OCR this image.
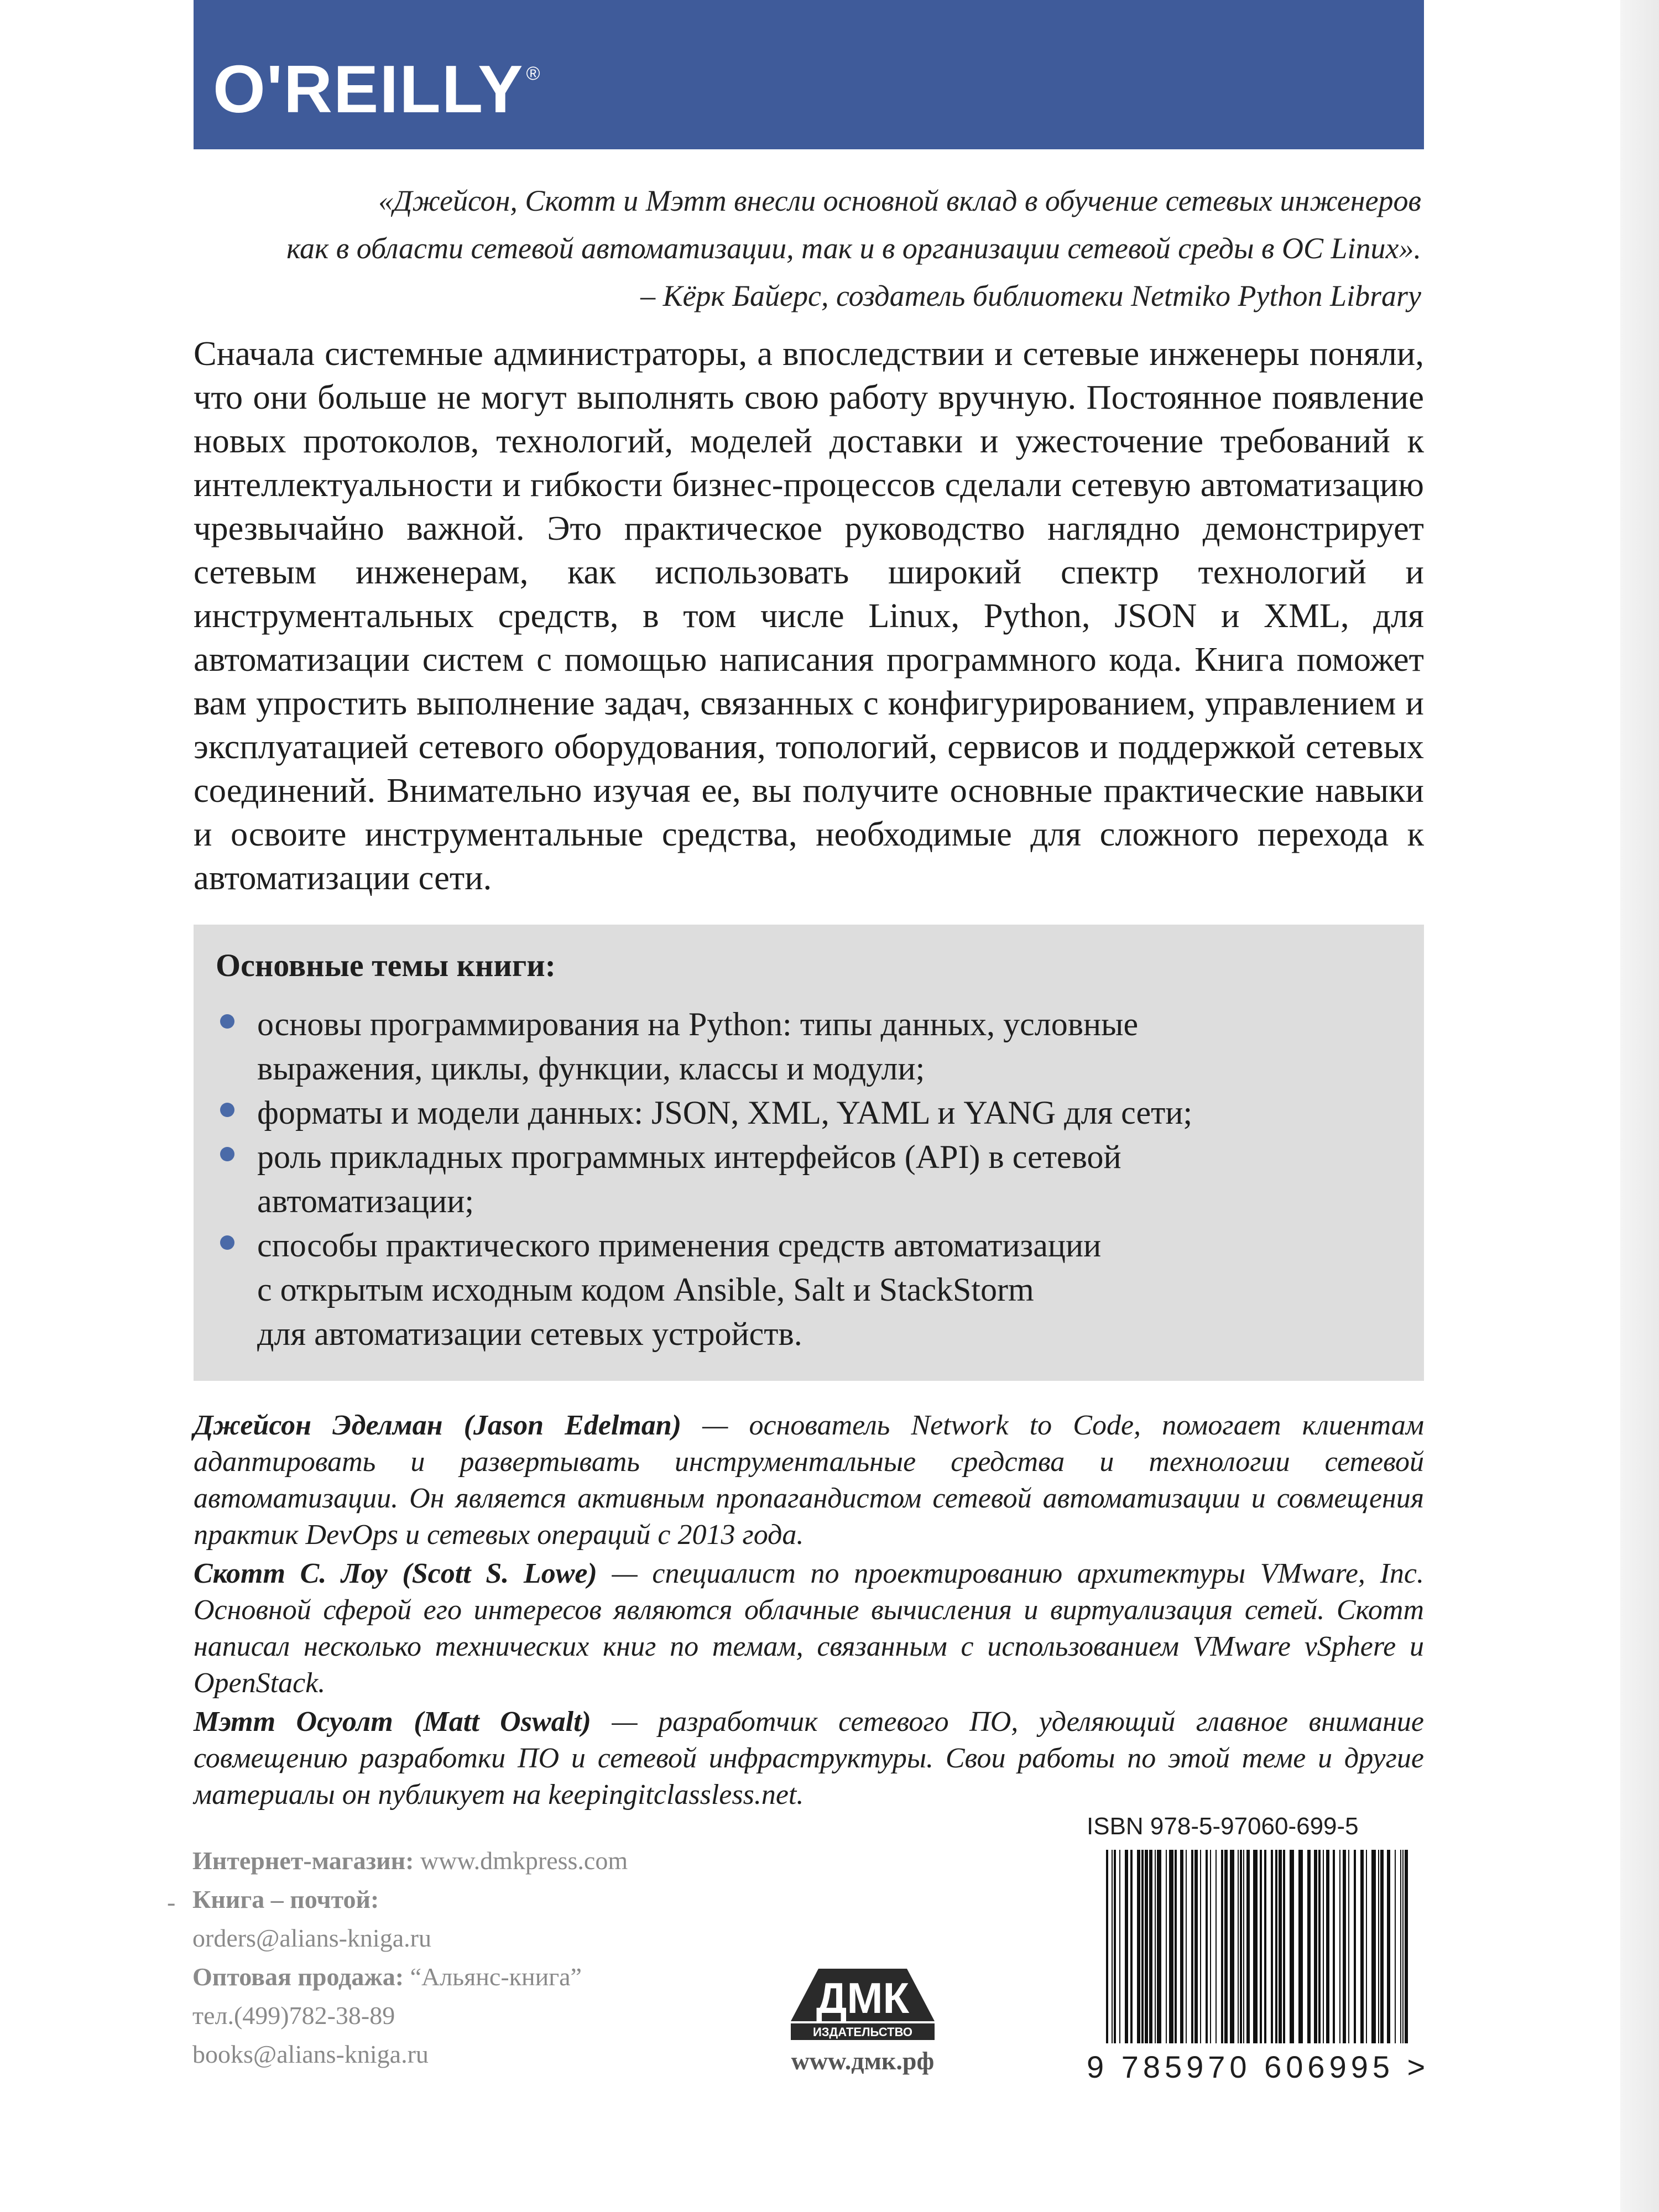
O'REILLY ®
«Джейсон, Скотт и Мэтт внесли основной вклад в обучение сетевых инженеров
как в области сетевой автоматизации, так и в организации сетевой среды в ОС Linux».
– Кёрк Байерс, создатель библиотеки Netmiko Python Library
Сначала системные администраторы, а впоследствии и сетевые инженеры поняли, что они больше не могут выполнять свою работу вручную. Постоянное появление новых протоколов, технологий, моделей доставки и ужесточение требований к интеллектуальности и гибкости бизнес-процессов сделали сетевую автоматизацию чрезвычайно важной. Это практическое руководство наглядно демонстрирует сетевым инженерам, как использовать широкий спектр технологий и инструментальных средств, в том числе Linux, Python, JSON и XML, для автоматизации систем с помощью написания программного кода. Книга поможет вам упростить выполнение задач, связанных с конфигурированием, управлением и эксплуатацией сетевого оборудования, топологий, сервисов и поддержкой сетевых соединений. Внимательно изучая ее, вы получите основные практические навыки и освоите инструментальные средства, необходимые для сложного перехода к автоматизации сети.
Основные темы книги:
основы программирования на Python: типы данных, условные
выражения, циклы, функции, классы и модули;
форматы и модели данных: JSON, XML, YAML и YANG для сети;
роль прикладных программных интерфейсов (API) в сетевой
автоматизации;
способы практического применения средств автоматизации
с открытым исходным кодом Ansible, Salt и StackStorm
для автоматизации сетевых устройств.

Джейсон Эделман (Jason Edelman) — основатель Network to Code, помогает клиентам адаптировать и развертывать инструментальные средства и технологии сетевой автоматизации. Он является активным пропагандистом сетевой автоматизации и совмещения практик DevOps и сетевых операций с 2013 года.

Скотт С. Лоу (Scott S. Lowe) — специалист по проектированию архитектуры VMware, Inc. Основной сферой его интересов являются облачные вычисления и виртуализация сетей. Скотт написал несколько технических книг по темам, связанным с использованием VMware vSphere и OpenStack.

Мэтт Осуолт (Matt Oswalt) — разработчик сетевого ПО, уделяющий главное внимание совмещению разработки ПО и сетевой инфраструктуры. Свои работы по этой теме и другие материалы он публикует на keepingitclassless.net.

ISBN 978-5-97060-699-5
9 785970 606995 >
-
Интернет-магазин: www.dmkpress.com
Книга – почтой:
orders@alians-kniga.ru
Оптовая продажа: “Альянс-книга”
тел.(499)782-38-89
books@alians-kniga.ru
ДМК
ИЗДАТЕЛЬСТВО
www.дмк.рф
